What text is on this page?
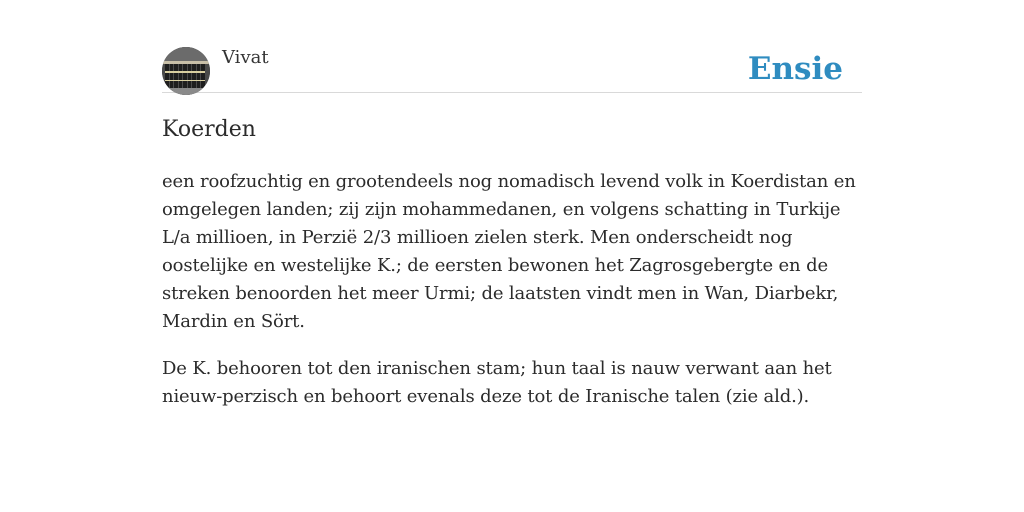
Vivat	Ensie
Koerden

een roofzuchtig en grootendeels nog nomadisch levend volk in Koerdistan en omgelegen landen; zij zijn mohammedanen, en volgens schatting in Turkije L/a millioen, in Perzië 2/3 millioen zielen sterk. Men onderscheidt nog oostelijke en westelijke K.; de eersten bewonen het Zagrosgebergte en de streken benoorden het meer Urmi; de laatsten vindt men in Wan, Diarbekr, Mardin en Sört.

De K. behooren tot den iranischen stam; hun taal is nauw verwant aan het nieuw-perzisch en behoort evenals deze tot de Iranische talen (zie ald.).
